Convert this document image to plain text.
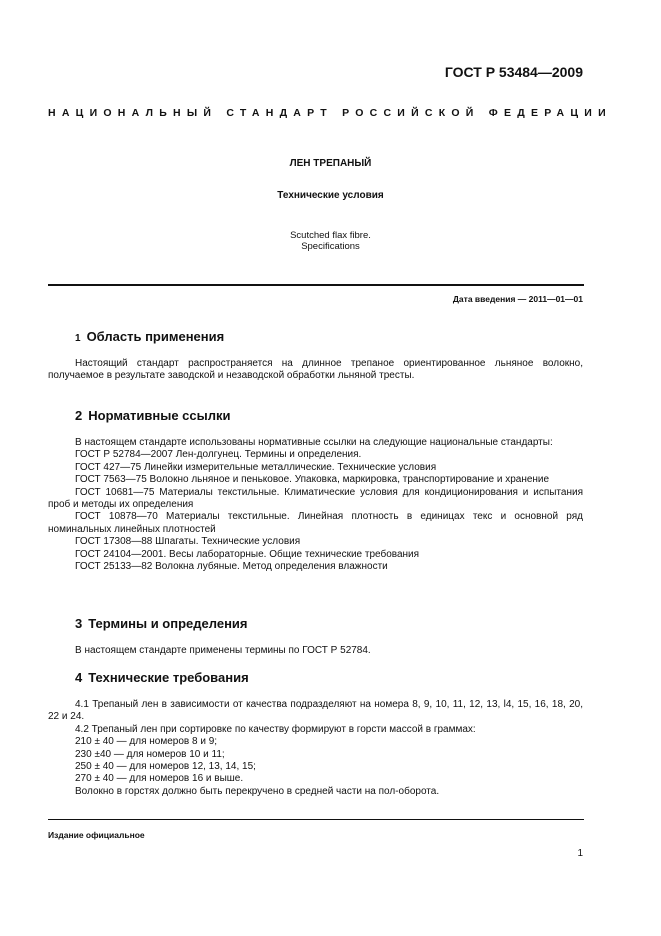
ГОСТ Р 53484—2009
НАЦИОНАЛЬНЫЙ СТАНДАРТ РОССИЙСКОЙ ФЕДЕРАЦИИ
ЛЕН ТРЕПАНЫЙ
Технические условия
Scutched flax fibre.
Specifications
Дата введения — 2011—01—01
1 Область применения

Настоящий стандарт распространяется на длинное трепаное ориентированное льняное волокно, получаемое в результате заводской и незаводской обработки льняной тресты.

2 Нормативные ссылки

В настоящем стандарте использованы нормативные ссылки на следующие национальные стандарты:

ГОСТ Р 52784—2007 Лен-долгунец. Термины и определения.

ГОСТ 427—75 Линейки измерительные металлические. Технические условия

ГОСТ 7563—75 Волокно льняное и пеньковое. Упаковка, маркировка, транспортирование и хранение

ГОСТ 10681—75 Материалы текстильные. Климатические условия для кондиционирования и испытания проб и методы их определения

ГОСТ 10878—70 Материалы текстильные. Линейная плотность в единицах текс и основной ряд номинальных линейных плотностей

ГОСТ 17308—88 Шпагаты. Технические условия

ГОСТ 24104—2001. Весы лабораторные. Общие технические требования

ГОСТ 25133—82 Волокна лубяные. Метод определения влажности

3 Термины и определения

В настоящем стандарте применены термины по ГОСТ Р 52784.

4 Технические требования

4.1 Трепаный лен в зависимости от качества подразделяют на номера 8, 9, 10, 11, 12, 13, l4, 15, 16, 18, 20, 22 и 24.

4.2 Трепаный лен при сортировке по качеству формируют в горсти массой в граммах:

210 ± 40 — для номеров 8 и 9;

230 ±40 — для номеров 10 и 11;

250 ± 40 — для номеров 12, 13, 14, 15;

270 ± 40 — для номеров 16 и выше.

Волокно в горстях должно быть перекручено в средней части на пол-оборота.

Издание официальное
1
